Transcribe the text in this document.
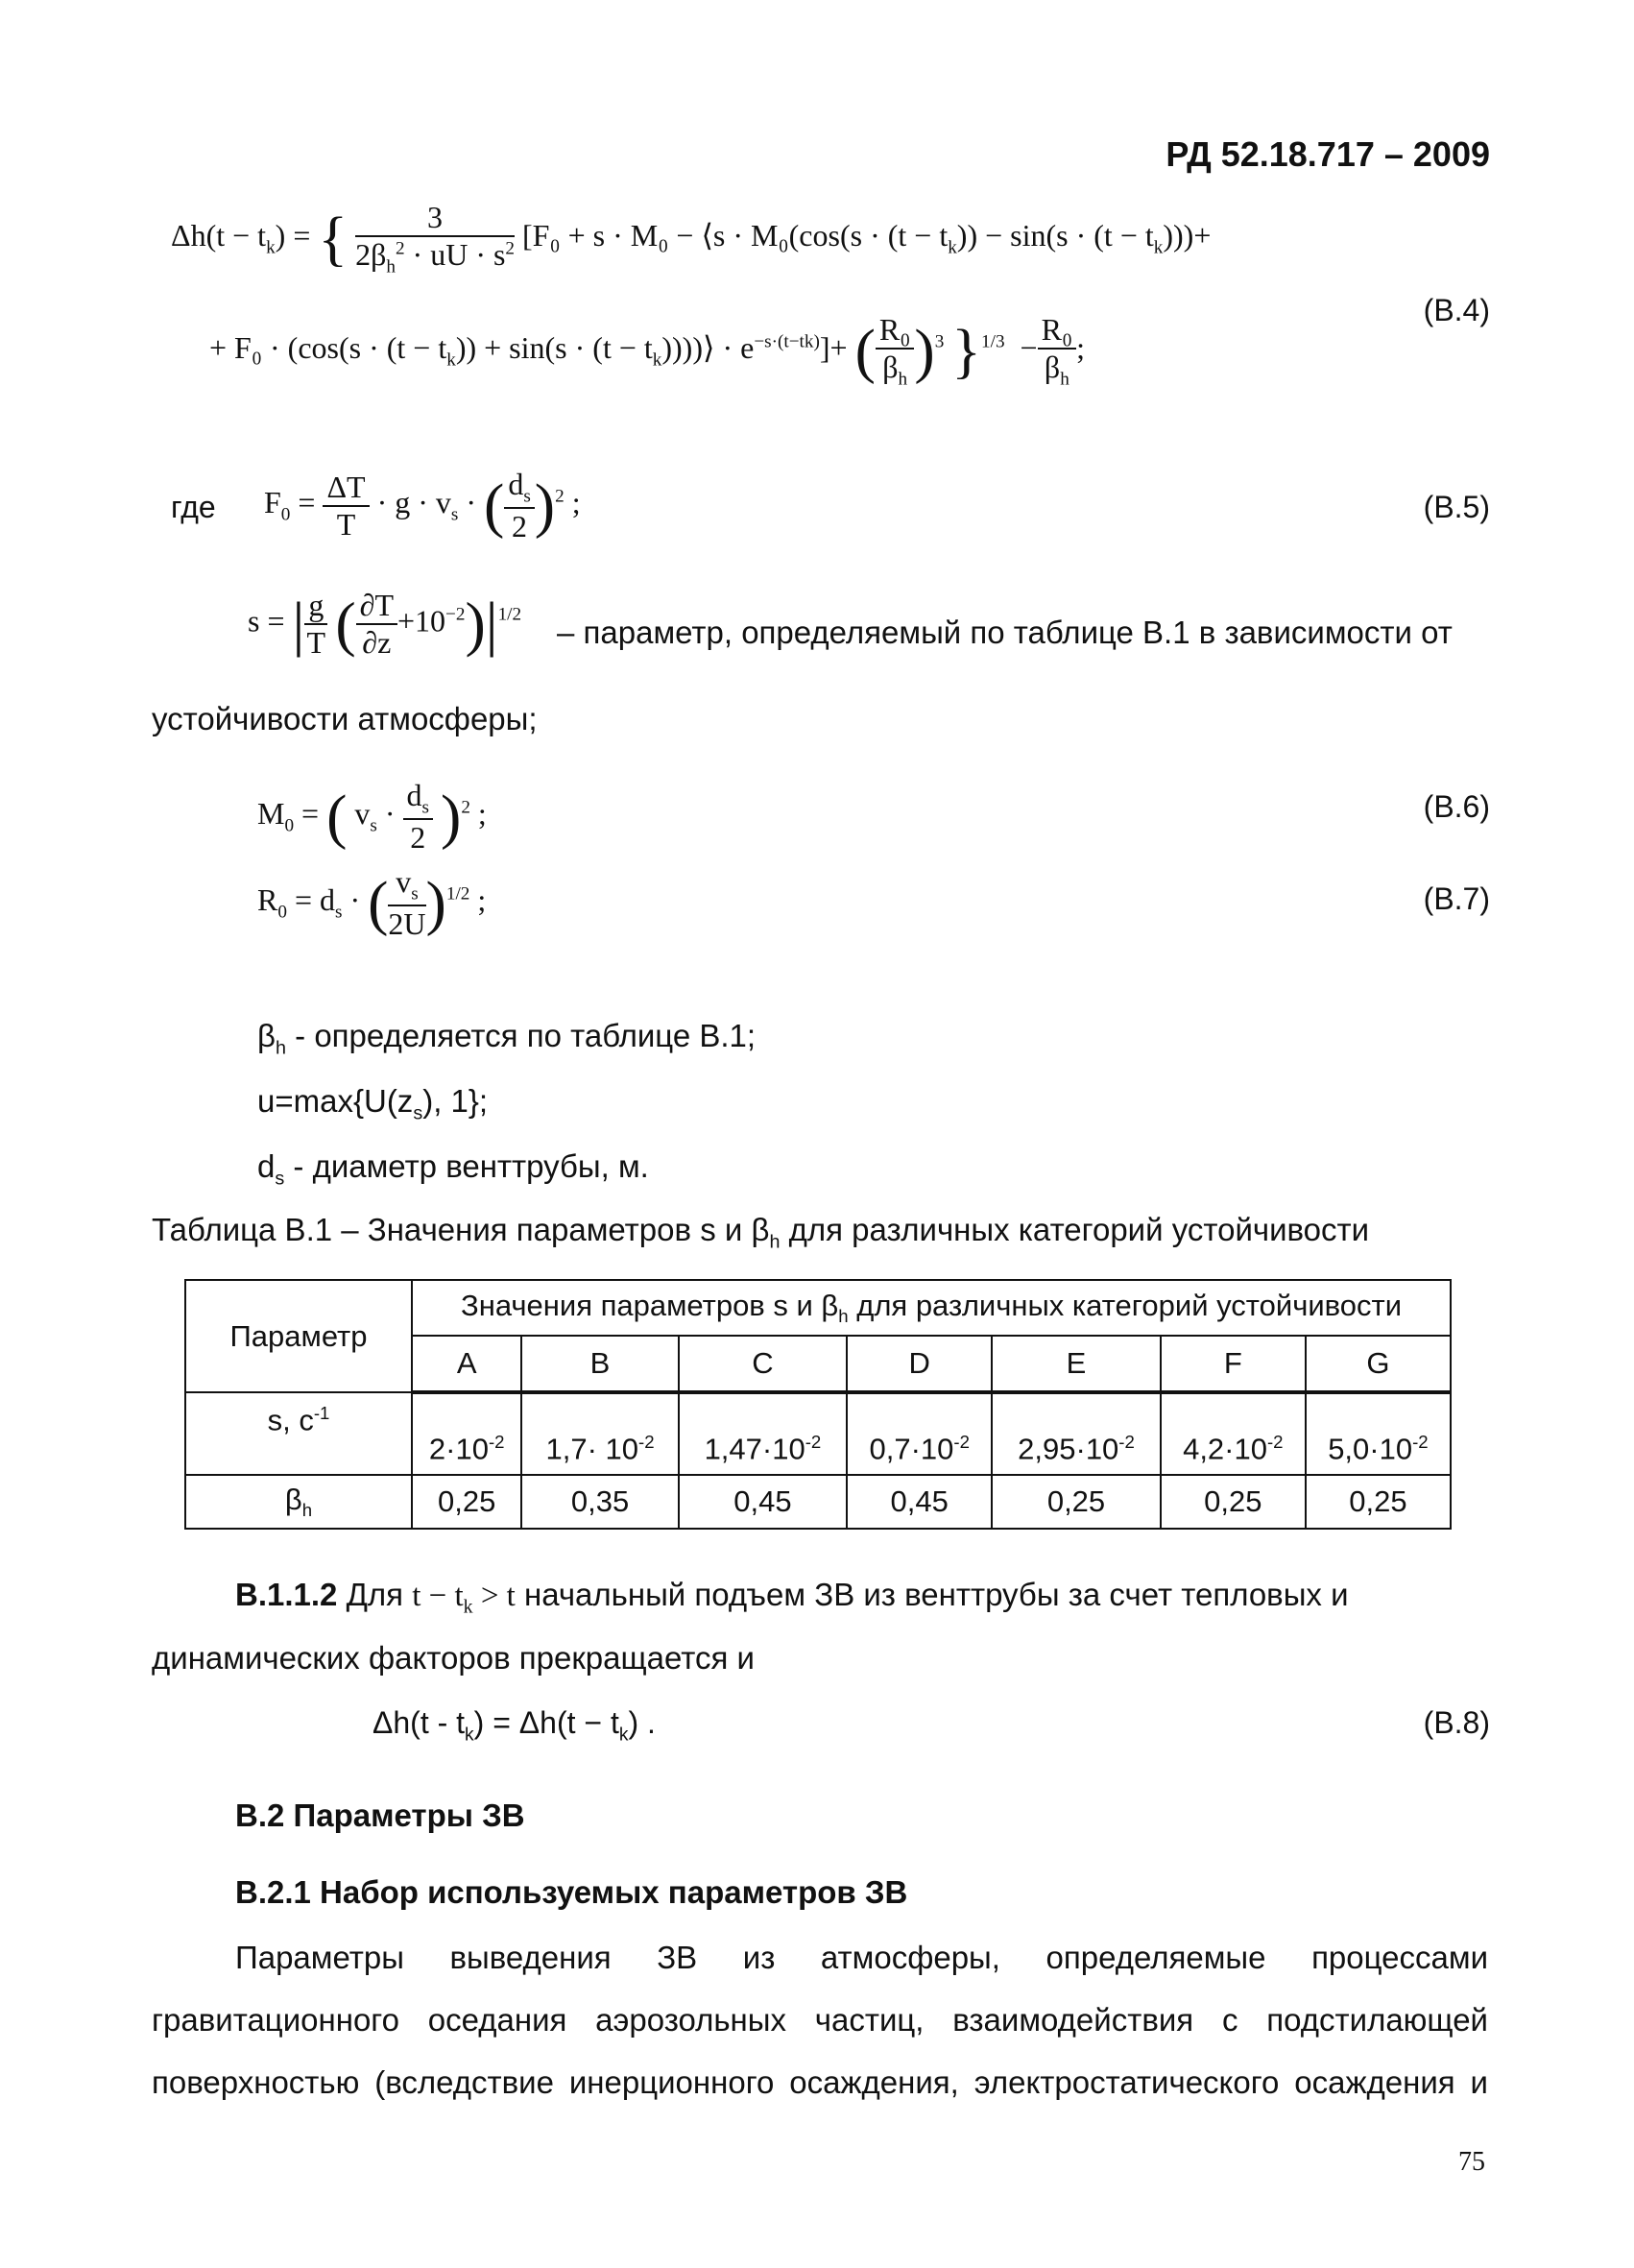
РД 52.18.717 – 2009
$\Delta h(t - t_k)$ = { $\frac{3}{2\beta_h^2 \cdot uU \cdot s^2} [F_0 + s \cdot M_0$ − ⟨s · $M_0(\cos(s \cdot (t - t_k)) - \sin(s \cdot (t - t_k)))+$
+ $F_0 \cdot (\cos(s \cdot (t - t_k)) + \sin(s \cdot (t$ − $t_k))))⟩ \cdot e^{-s\cdot(t-tk)}]+$ ( $\frac{\text{R₀}}{\beta_h} )^3$ }$^{1/3} - \frac{\text{R₀}}{\beta_h}$ ;
(B.4)
где $F_0 = \frac{\Delta T}{T} \cdot g \cdot v_s$ · ( $\frac{d_s}{2} )^2$ ;	(B.5)
s = | $\frac{g}{T}$ ( $\frac{\partial T}{\partial z} +10^{-2})|^{1/2}$ – параметр, определяемый по таблице В.1 в зависимости от
устойчивости атмосферы;
$M_0$ = ( $v_s \cdot \frac{d_s}{2} )^2$ ;	(B.6)
$R_0 = d_s$ · ( $\frac{v_s}{2U} )^{1/2}$ ;	(B.7)
$\beta_h$ - определяется по таблице В.1;
$u=\max\{U(z_s)$, 1};
$d_s$ - диаметр венттрубы, м.
Таблица В.1 – Значения параметров s и $\beta_h$ для различных категорий устойчивости
Параметр	Значения параметров s и $\beta_h$ для различных категорий устойчивости						
	A	B	C	D	E	F	G
s, $с^{-1}$	$2\cdot 10^{-2}$	$1,7\cdot 10^{-2}$	$1,47\cdot 10^{-2}$	$0,7\cdot 10^{-2}$	$2,95\cdot 10^{-2}$	$4,2\cdot 10^{-2}$	$5,0\cdot 10^{-2}$
$\beta_h$	0,25	0,35	0,45	0,45	0,25	0,25	0,25
B.1.1.2 Для $t - t_k > t$ начальный подъем ЗВ из венттрубы за счет тепловых и
динамических факторов прекращается и
$\Delta h(t - t_k) = \Delta h(t - t_k)$ .	(B.8)
B.2 Параметры ЗВ
B.2.1 Набор используемых параметров ЗВ
Параметры выведения ЗВ из атмосферы, определяемые процессами
гравитационного оседания аэрозольных частиц, взаимодействия с подстилающей
поверхностью (вследствие инерционного осаждения, электростатического осаждения и
75
